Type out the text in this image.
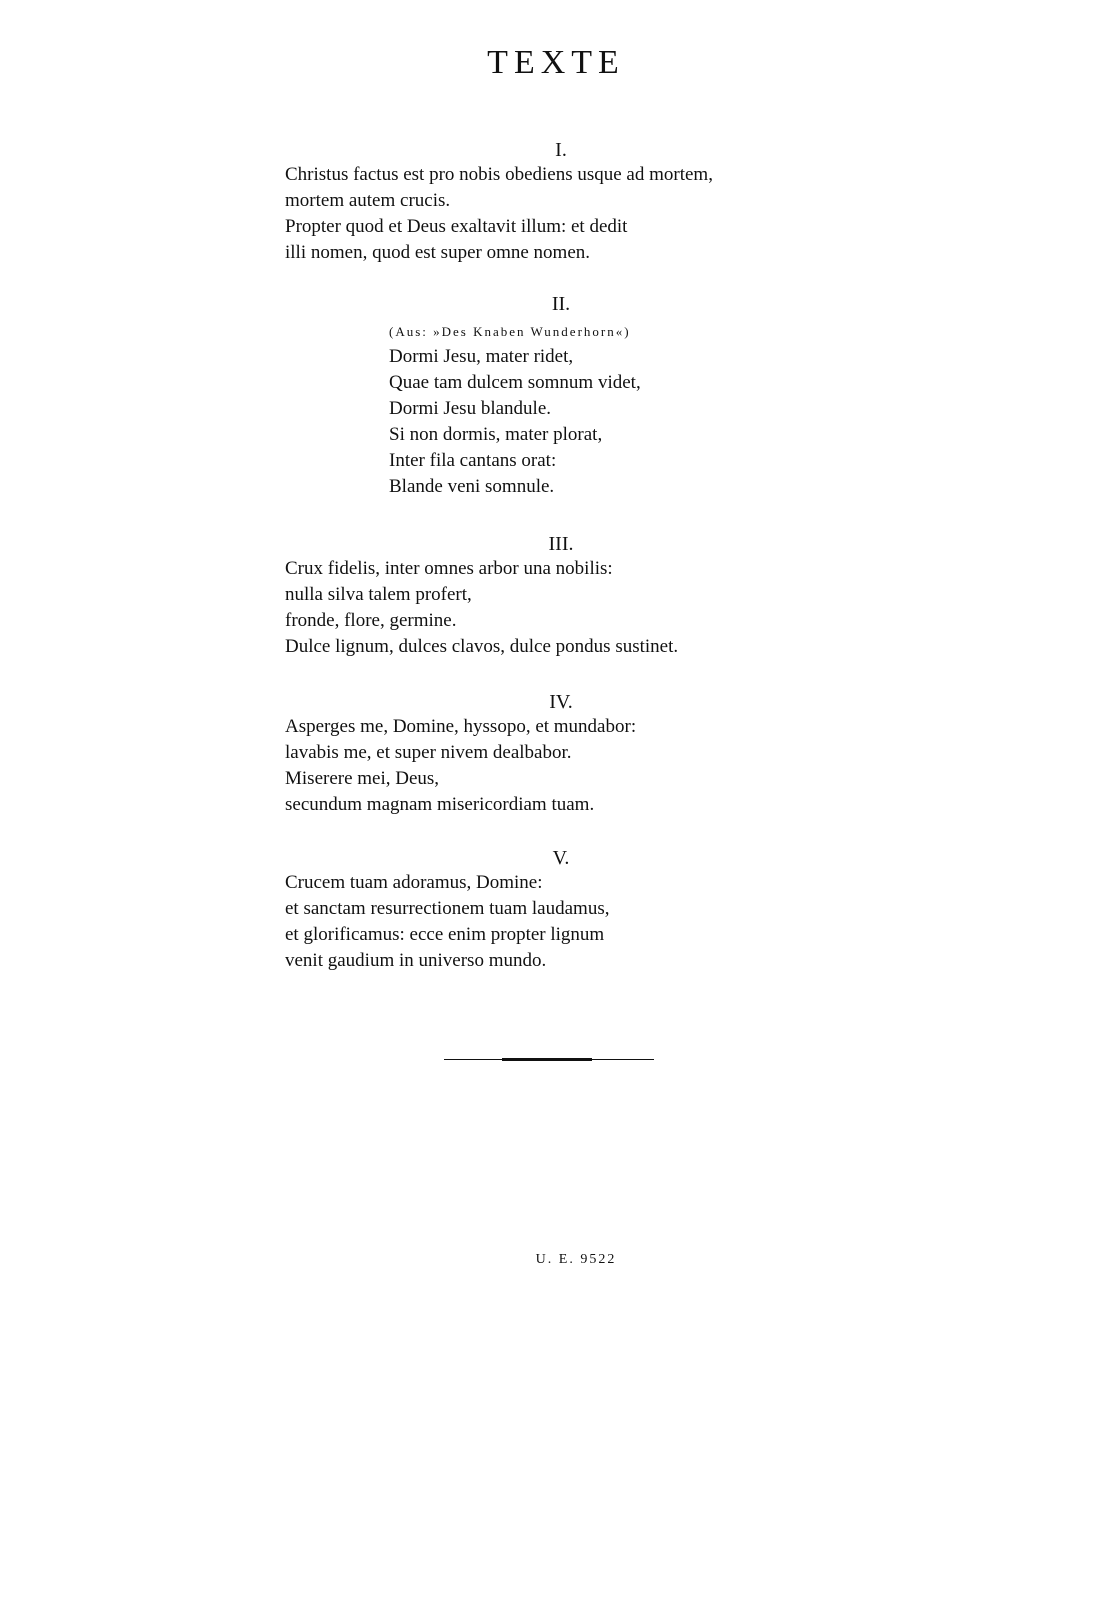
TEXTE
I.
Christus factus est pro nobis obediens usque ad mortem,
mortem autem crucis.
Propter quod et Deus exaltavit illum: et dedit
illi nomen, quod est super omne nomen.
II.
(Aus: »Des Knaben Wunderhorn«)
Dormi Jesu, mater ridet,
Quae tam dulcem somnum videt,
Dormi Jesu blandule.
Si non dormis, mater plorat,
Inter fila cantans orat:
Blande veni somnule.
III.
Crux fidelis, inter omnes arbor una nobilis:
nulla silva talem profert,
fronde, flore, germine.
Dulce lignum, dulces clavos, dulce pondus sustinet.
IV.
Asperges me, Domine, hyssopo, et mundabor:
lavabis me, et super nivem dealbabor.
Miserere mei, Deus,
secundum magnam misericordiam tuam.
V.
Crucem tuam adoramus, Domine:
et sanctam resurrectionem tuam laudamus,
et glorificamus: ecce enim propter lignum
venit gaudium in universo mundo.
U. E. 9522
